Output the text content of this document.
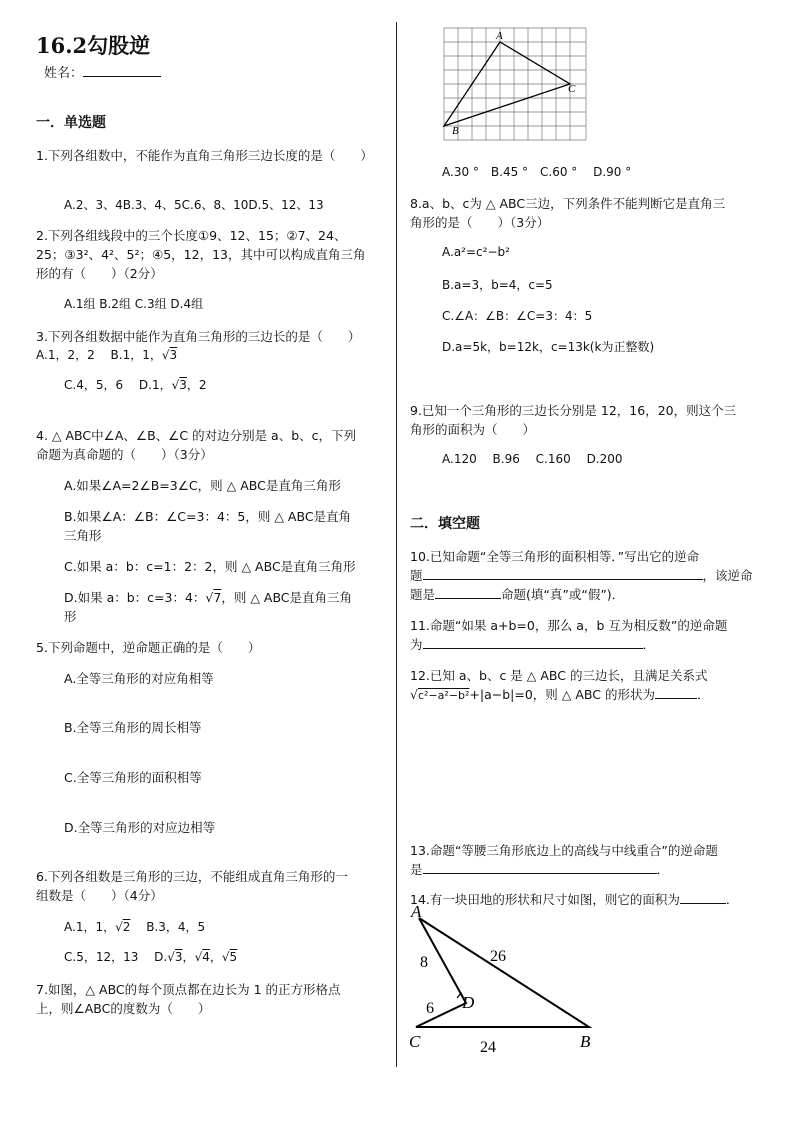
16.2勾股逆
姓名：
一．单选题
1.下列各组数中，不能作为直角三角形三边长度的是（　　）
A.2、3、4B.3、4、5C.6、8、10D.5、12、13
2.下列各组线段中的三个长度①9、12、15；②7、24、
25；③3²、4²、5²；④5，12，13，其中可以构成直角三角
形的有（　　）（2分）
A.1组 B.2组 C.3组 D.4组
3.下列各组数据中能作为直角三角形的三边长的是（　　）
A.1，2，2　 B.1，1，√3
C.4，5，6　 D.1，√3，2
4. △ ABC中∠A、∠B、∠C 的对边分别是 a、b、c，下列
命题为真命题的（　　）（3分）
A.如果∠A=2∠B=3∠C，则 △ ABC是直角三角形
B.如果∠A：∠B：∠C=3：4：5，则 △ ABC是直角
三角形
C.如果 a：b：c=1：2：2，则 △ ABC是直角三角形
D.如果 a：b：c=3：4：√7，则 △ ABC是直角三角
形
5.下列命题中，逆命题正确的是（　　）
A.全等三角形的对应角相等
B.全等三角形的周长相等
C.全等三角形的面积相等
D.全等三角形的对应边相等
6.下列各组数是三角形的三边，不能组成直角三角形的一
组数是（　　）（4分）
A.1，1，√2　 B.3，4，5
C.5，12，13　 D.√3，√4，√5
7.如图，△ ABC的每个顶点都在边长为 1 的正方形格点
上，则∠ABC的度数为（　　）
A
C
B
A.30 °　B.45 °　C.60 °　 D.90 °
8.a、b、c为 △ ABC三边，下列条件不能判断它是直角三
角形的是（　　）（3分）
A.a²=c²−b²
B.a=3，b=4，c=5
C.∠A：∠B：∠C=3：4：5
D.a=5k，b=12k，c=13k(k为正整数)
9.已知一个三角形的三边长分别是 12，16，20，则这个三
角形的面积为（　　）
A.120　 B.96　 C.160　 D.200
二．填空题
10.已知命题“全等三角形的面积相等．”写出它的逆命
题	，该逆命
题是	命题(填“真”或“假”)．
11.命题“如果 a+b=0，那么 a，b 互为相反数”的逆命题
为	．
12.已知 a、b、c 是 △ ABC 的三边长，且满足关系式
√c²−a²−b²+|a−b|=0，则 △ ABC 的形状为	．
13.命题“等腰三角形底边上的高线与中线重合”的逆命题
是	．
14.有一块田地的形状和尺寸如图，则它的面积为	．
A
D
C	B
26
8
6
24
